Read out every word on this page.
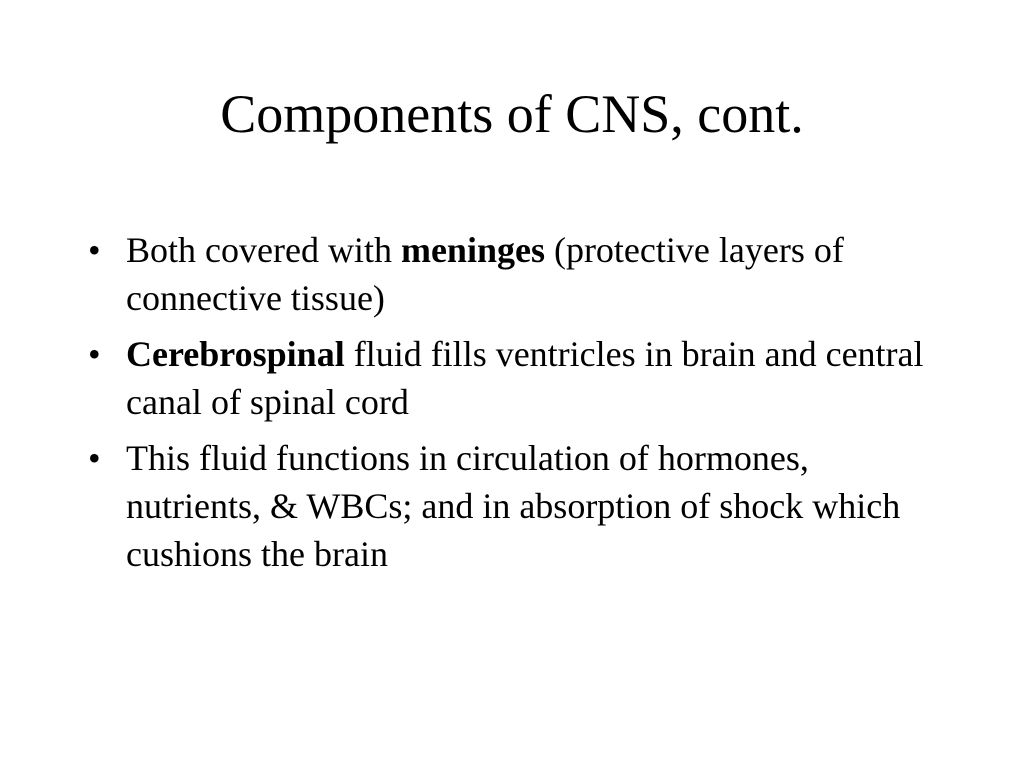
Components of CNS, cont.
• Both covered with meninges (protective layers of connective tissue)
• Cerebrospinal fluid fills ventricles in brain and central canal of spinal cord
• This fluid functions in circulation of hormones, nutrients, & WBCs; and in absorption of shock which cushions the brain
